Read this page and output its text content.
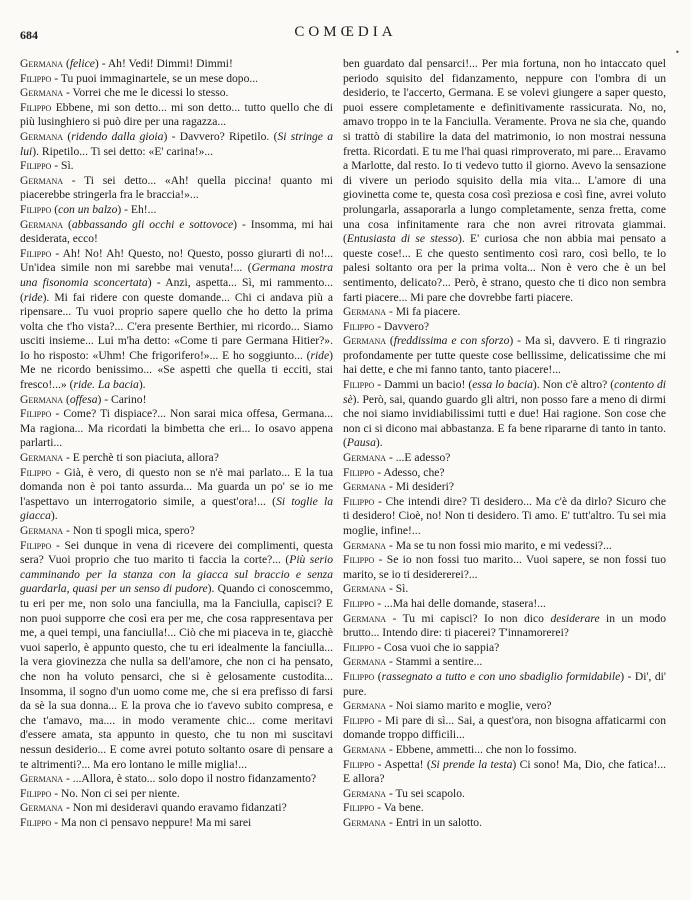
684	COMŒDIA
•

Germana (felice) - Ah! Vedi! Dimmi! Dimmi!

Filippo - Tu puoi immaginartele, se un mese dopo...

Germana - Vorrei che me le dicessi lo stesso.

Filippo Ebbene, mi son detto... mi son detto... tutto quello che di più lusinghiero si può dire per una ragazza...

Germana (ridendo dalla gioia) - Davvero? Ripetilo. (Si stringe a lui). Ripetilo... Ti sei detto: «E' carina!»...

Filippo - Sì.

Germana - Ti sei detto... «Ah! quella piccina! quanto mi piacerebbe stringerla fra le braccia!»...

Filippo (con un balzo) - Eh!...

Germana (abbassando gli occhi e sottovoce) - Insomma, mi hai desiderata, ecco!

Filippo - Ah! No! Ah! Questo, no! Questo, posso giurarti di no!... Un'idea simile non mi sarebbe mai venuta!... (Germana mostra una fisonomia sconcertata) - Anzi, aspetta... Sì, mi rammento... (ride). Mi fai ridere con queste domande... Chi ci andava più a ripensare... Tu vuoi proprio sapere quello che ho detto la prima volta che t'ho vista?... C'era presente Berthier, mi ricordo... Siamo usciti insieme... Lui m'ha detto: «Come ti pare Germana Hitier?». Io ho risposto: «Uhm! Che frigorifero!»... E ho soggiunto... (ride) Me ne ricordo benissimo... «Se aspetti che quella ti ecciti, stai fresco!...» (ride. La bacia).

Germana (offesa) - Carino!

Filippo - Come? Ti dispiace?... Non sarai mica offesa, Germana... Ma ragiona... Ma ricordati la bimbetta che eri... Io osavo appena parlarti...

Germana - E perchè ti son piaciuta, allora?

Filippo - Già, è vero, di questo non se n'è mai parlato... E la tua domanda non è poi tanto assurda... Ma guarda un po' se io me l'aspettavo un interrogatorio simile, a quest'ora!... (Si toglie la giacca).

Germana - Non ti spogli mica, spero?

Filippo - Sei dunque in vena di ricevere dei complimenti, questa sera? Vuoi proprio che tuo marito ti faccia la corte?... (Più serio camminando per la stanza con la giacca sul braccio e senza guardarla, quasi per un senso di pudore). Quando ci conoscemmo, tu eri per me, non solo una fanciulla, ma la Fanciulla, capisci? E non puoi supporre che così era per me, che cosa rappresentava per me, a quei tempi, una fanciulla!... Ciò che mi piaceva in te, giacchè vuoi saperlo, è appunto questo, che tu eri idealmente la fanciulla... la vera giovinezza che nulla sa dell'amore, che non ci ha pensato, che non ha voluto pensarci, che si è gelosamente custodita... Insomma, il sogno d'un uomo come me, che si era prefisso di farsi da sè la sua donna... E la prova che io t'avevo subito compresa, e che t'amavo, ma.... in modo veramente chic... come meritavi d'essere amata, sta appunto in questo, che tu non mi suscitavi nessun desiderio... E come avrei potuto soltanto osare di pensare a te altrimenti?... Ma ero lontano le mille miglia!...

Germana - ...Allora, è stato... solo dopo il nostro fidanzamento?

Filippo - No. Non ci sei per niente.

Germana - Non mi desideravi quando eravamo fidanzati?

Filippo - Ma non ci pensavo neppure! Ma mi sarei

ben guardato dal pensarci!... Per mia fortuna, non ho intaccato quel periodo squisito del fidanzamento, neppure con l'ombra di un desiderio, te l'accerto, Germana. E se volevi giungere a saper questo, puoi essere completamente e definitivamente rassicurata. No, no, amavo troppo in te la Fanciulla. Veramente. Prova ne sia che, quando si trattò di stabilire la data del matrimonio, io non mostrai nessuna fretta. Ricordati. E tu me l'hai quasi rimproverato, mi pare... Eravamo a Marlotte, dal resto. Io ti vedevo tutto il giorno. Avevo la sensazione di vivere un periodo squisito della mia vita... L'amore di una giovinetta come te, questa cosa così preziosa e così fine, avrei voluto prolungarla, assaporarla a lungo completamente, senza fretta, come una cosa infinitamente rara che non avrei ritrovata giammai. (Entusiasta di se stesso). E' curiosa che non abbia mai pensato a queste cose!... E che questo sentimento così raro, così bello, te lo palesi soltanto ora per la prima volta... Non è vero che è un bel sentimento, delicato?... Però, è strano, questo che ti dico non sembra farti piacere... Mi pare che dovrebbe farti piacere.

Germana - Mi fa piacere.

Filippo - Davvero?

Germana (freddissima e con sforzo) - Ma sì, davvero. E ti ringrazio profondamente per tutte queste cose bellissime, delicatissime che mi hai dette, e che mi fanno tanto, tanto piacere!...

Filippo - Dammi un bacio! (essa lo bacia). Non c'è altro? (contento di sè). Però, sai, quando guardo gli altri, non posso fare a meno di dirmi che noi siamo invidiabilissimi tutti e due! Hai ragione. Son cose che non ci si dicono mai abbastanza. E fa bene ripararne di tanto in tanto. (Pausa).

Germana - ...E adesso?

Filippo - Adesso, che?

Germana - Mi desideri?

Filippo - Che intendi dire? Ti desidero... Ma c'è da dirlo? Sicuro che ti desidero! Cioè, no! Non ti desidero. Ti amo. E' tutt'altro. Tu sei mia moglie, infine!...

Germana - Ma se tu non fossi mio marito, e mi vedessi?...

Filippo - Se io non fossi tuo marito... Vuoi sapere, se non fossi tuo marito, se io ti desidererei?...

Germana - Sì.

Filippo - ...Ma hai delle domande, stasera!...

Germana - Tu mi capisci? Io non dico desiderare in un modo brutto... Intendo dire: ti piacerei? T'innamorerei?

Filippo - Cosa vuoi che io sappia?

Germana - Stammi a sentire...

Filippo (rassegnato a tutto e con uno sbadiglio formidabile) - Di', di' pure.

Germana - Noi siamo marito e moglie, vero?

Filippo - Mi pare di sì... Sai, a quest'ora, non bisogna affaticarmi con domande troppo difficili...

Germana - Ebbene, ammetti... che non lo fossimo.

Filippo - Aspetta! (Si prende la testa) Ci sono! Ma, Dio, che fatica!... E allora?

Germana - Tu sei scapolo.

Filippo - Va bene.

Germana - Entri in un salotto.
